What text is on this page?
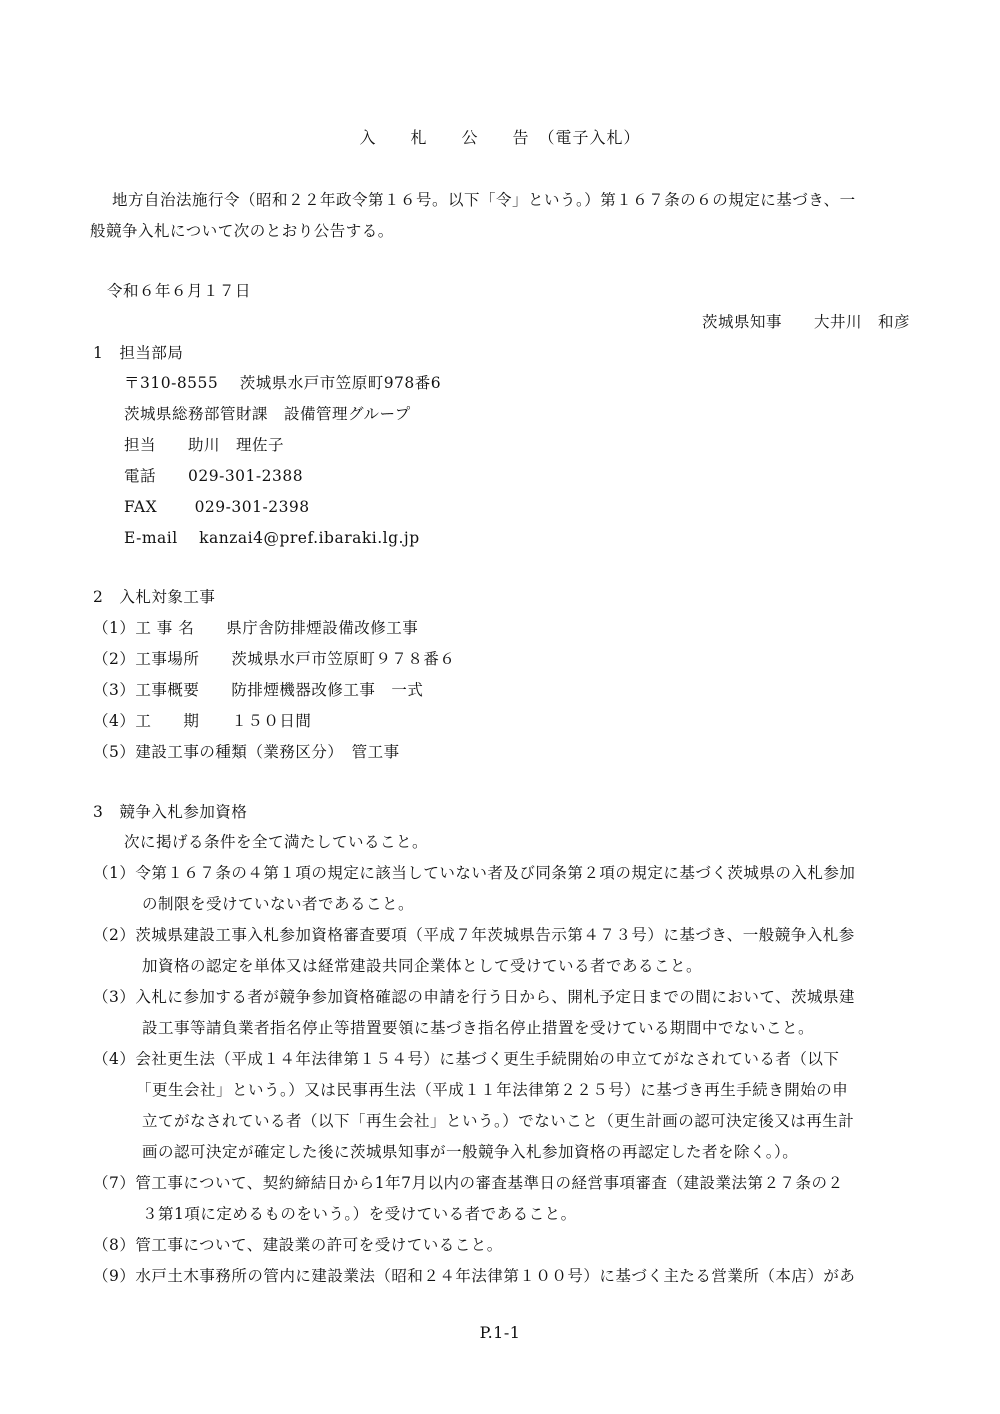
入　　札　　公　　告　（電子入札）
地方自治法施行令（昭和２２年政令第１６号。以下「令」という。）第１６７条の６の規定に基づき、一
般競争入札について次のとおり公告する。
令和６年６月１７日
茨城県知事　　大井川　和彦
1　担当部局
〒310-8555　 茨城県水戸市笠原町978番6
茨城県総務部管財課　設備管理グループ
担当　　助川　理佐子
電話　　029-301-2388
FAX　　 029-301-2398
E-mail　 kanzai4@pref.ibaraki.lg.jp
2　入札対象工事
（1）工 事 名　　県庁舎防排煙設備改修工事
（2）工事場所　　茨城県水戸市笠原町９７８番６
（3）工事概要　　防排煙機器改修工事　一式
（4）工　　期　　１５０日間
（5）建設工事の種類（業務区分）　管工事
3　競争入札参加資格
次に掲げる条件を全て満たしていること。
（1）令第１６７条の４第１項の規定に該当していない者及び同条第２項の規定に基づく茨城県の入札参加
の制限を受けていない者であること。
（2）茨城県建設工事入札参加資格審査要項（平成７年茨城県告示第４７３号）に基づき、一般競争入札参
加資格の認定を単体又は経常建設共同企業体として受けている者であること。
（3）入札に参加する者が競争参加資格確認の申請を行う日から、開札予定日までの間において、茨城県建
設工事等請負業者指名停止等措置要領に基づき指名停止措置を受けている期間中でないこと。
（4）会社更生法（平成１４年法律第１５４号）に基づく更生手続開始の申立てがなされている者（以下
「更生会社」という。）又は民事再生法（平成１１年法律第２２５号）に基づき再生手続き開始の申
立てがなされている者（以下「再生会社」という。）でないこと（更生計画の認可決定後又は再生計
画の認可決定が確定した後に茨城県知事が一般競争入札参加資格の再認定した者を除く。）。
（7）管工事について、契約締結日から1年7月以内の審査基準日の経営事項審査（建設業法第２７条の２
３第1項に定めるものをいう。）を受けている者であること。
（8）管工事について、建設業の許可を受けていること。
（9）水戸土木事務所の管内に建設業法（昭和２４年法律第１００号）に基づく主たる営業所（本店）があ
P.1-1
